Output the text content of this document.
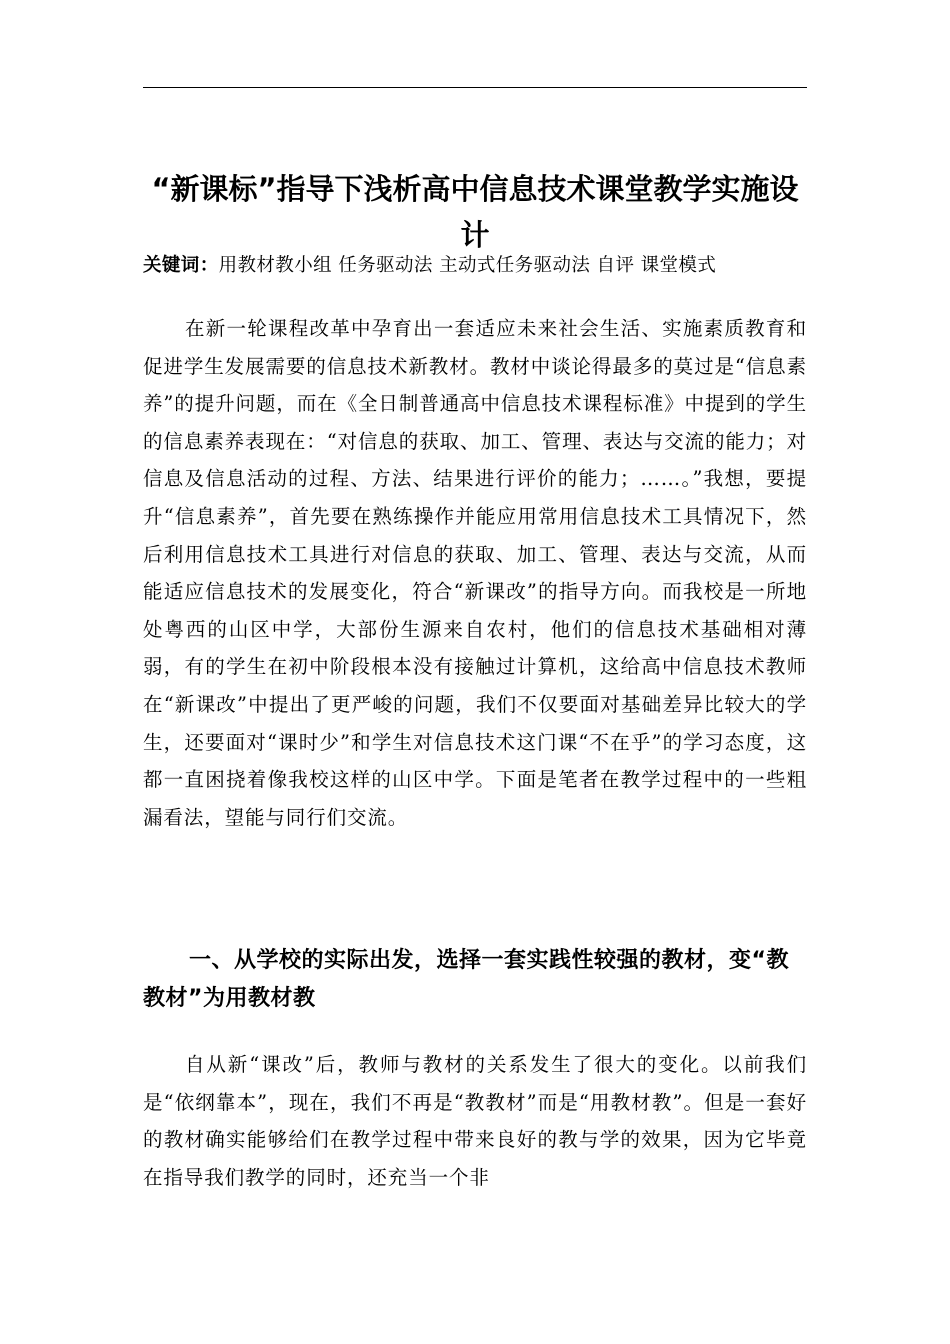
“新课标”指导下浅析高中信息技术课堂教学实施设计

关键词：用教材教小组 任务驱动法 主动式任务驱动法 自评 课堂模式

在新一轮课程改革中孕育出一套适应未来社会生活、实施素质教育和促进学生发展需要的信息技术新教材。教材中谈论得最多的莫过是“信息素养”的提升问题，而在《全日制普通高中信息技术课程标准》中提到的学生的信息素养表现在：“对信息的获取、加工、管理、表达与交流的能力；对信息及信息活动的过程、方法、结果进行评价的能力；……。”我想，要提升“信息素养”，首先要在熟练操作并能应用常用信息技术工具情况下，然后利用信息技术工具进行对信息的获取、加工、管理、表达与交流，从而能适应信息技术的发展变化，符合“新课改”的指导方向。而我校是一所地处粤西的山区中学，大部份生源来自农村，他们的信息技术基础相对薄弱，有的学生在初中阶段根本没有接触过计算机，这给高中信息技术教师在“新课改”中提出了更严峻的问题，我们不仅要面对基础差异比较大的学生，还要面对“课时少”和学生对信息技术这门课“不在乎”的学习态度，这都一直困挠着像我校这样的山区中学。下面是笔者在教学过程中的一些粗漏看法，望能与同行们交流。

一、从学校的实际出发，选择一套实践性较强的教材，变“教教材”为用教材教

自从新“课改”后，教师与教材的关系发生了很大的变化。以前我们是“依纲靠本”，现在，我们不再是“教教材”而是“用教材教”。但是一套好的教材确实能够给们在教学过程中带来良好的教与学的效果，因为它毕竟在指导我们教学的同时，还充当一个非
